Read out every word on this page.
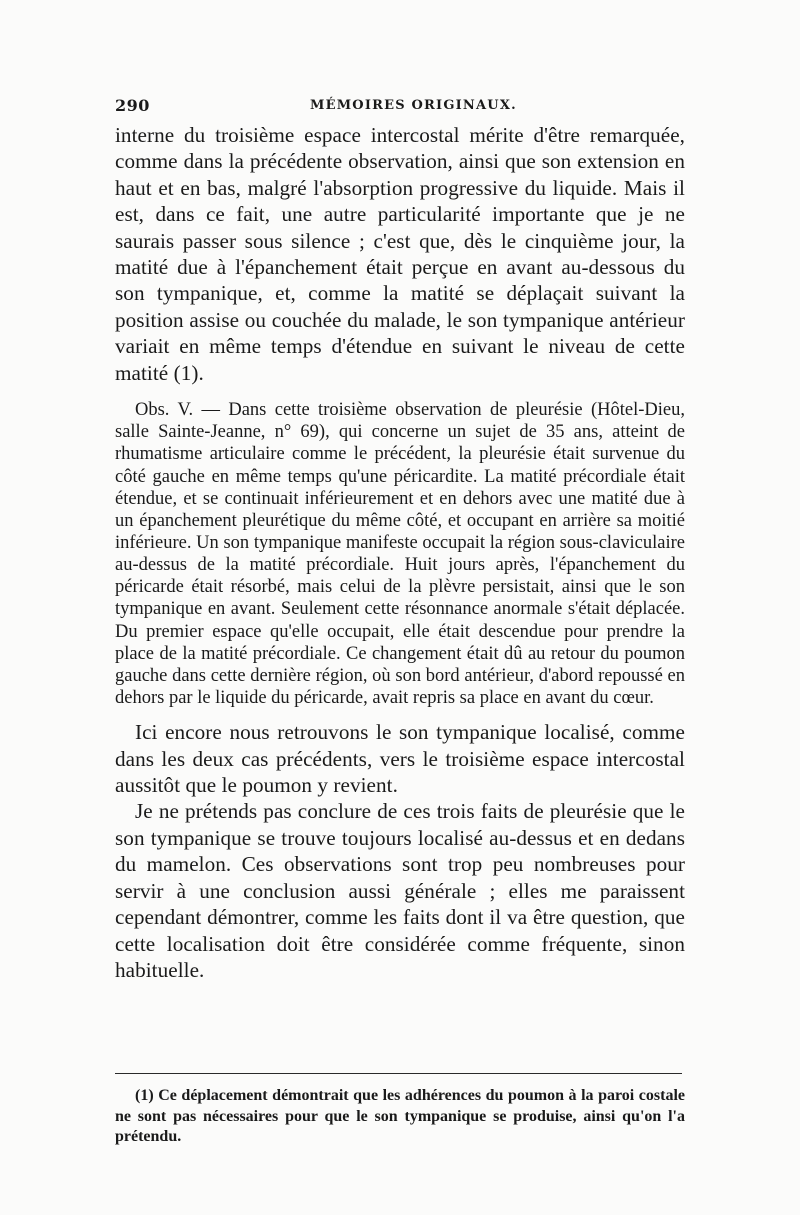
290	MÉMOIRES ORIGINAUX.

interne du troisième espace intercostal mérite d'être remarquée, comme dans la précédente observation, ainsi que son extension en haut et en bas, malgré l'absorption progressive du liquide. Mais il est, dans ce fait, une autre particularité importante que je ne saurais passer sous silence ; c'est que, dès le cinquième jour, la matité due à l'épanchement était perçue en avant au-dessous du son tympanique, et, comme la matité se déplaçait suivant la position assise ou couchée du malade, le son tympanique antérieur variait en même temps d'étendue en suivant le niveau de cette matité (1).

Obs. V. — Dans cette troisième observation de pleurésie (Hôtel-Dieu, salle Sainte-Jeanne, n° 69), qui concerne un sujet de 35 ans, atteint de rhumatisme articulaire comme le précédent, la pleurésie était survenue du côté gauche en même temps qu'une péricardite. La matité précordiale était étendue, et se continuait inférieurement et en dehors avec une matité due à un épanchement pleurétique du même côté, et occupant en arrière sa moitié inférieure. Un son tympanique manifeste occupait la région sous-claviculaire au-dessus de la matité précordiale. Huit jours après, l'épanchement du péricarde était résorbé, mais celui de la plèvre persistait, ainsi que le son tympanique en avant. Seulement cette résonnance anormale s'était déplacée. Du premier espace qu'elle occupait, elle était descendue pour prendre la place de la matité précordiale. Ce changement était dû au retour du poumon gauche dans cette dernière région, où son bord antérieur, d'abord repoussé en dehors par le liquide du péricarde, avait repris sa place en avant du cœur.

Ici encore nous retrouvons le son tympanique localisé, comme dans les deux cas précédents, vers le troisième espace intercostal aussitôt que le poumon y revient.

Je ne prétends pas conclure de ces trois faits de pleurésie que le son tympanique se trouve toujours localisé au-dessus et en dedans du mamelon. Ces observations sont trop peu nombreuses pour servir à une conclusion aussi générale ; elles me paraissent cependant démontrer, comme les faits dont il va être question, que cette localisation doit être considérée comme fréquente, sinon habituelle.

(1) Ce déplacement démontrait que les adhérences du poumon à la paroi costale ne sont pas nécessaires pour que le son tympanique se produise, ainsi qu'on l'a prétendu.
